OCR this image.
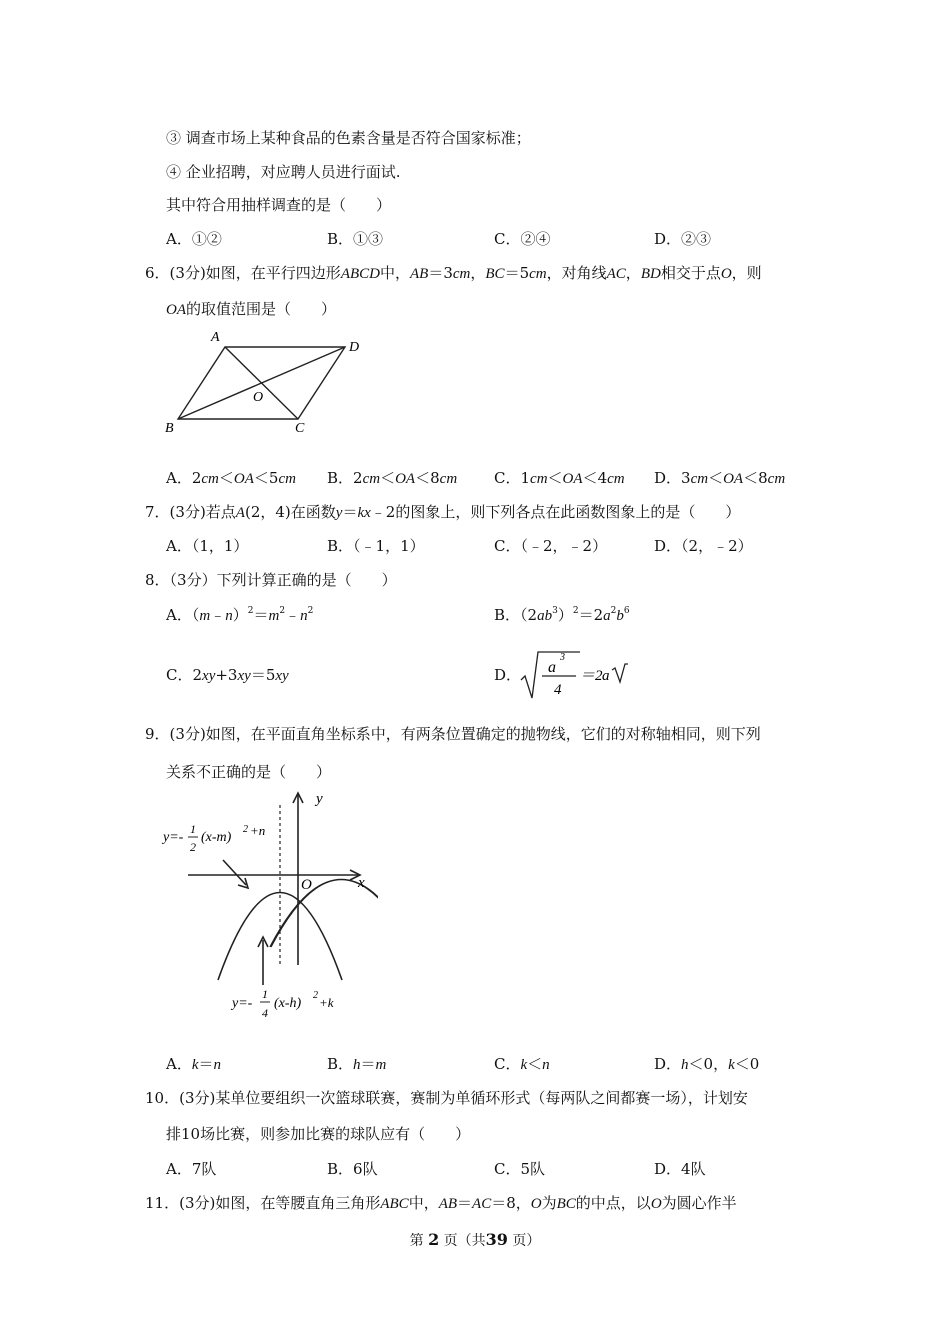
③ 调查市场上某种食品的色素含量是否符合国家标准；
④ 企业招聘，对应聘人员进行面试.
其中符合用抽样调查的是（　　）
A．①②	B．①③	C．②④	D．②③
6．(3分)如图，在平行四边形ABCD中，AB＝3cm，BC＝5cm，对角线AC，BD相交于点O，则
OA的取值范围是（　　）
A
D
B	C
O
A．2cm＜OA＜5cm B．2cm＜OA＜8cm C．1cm＜OA＜4cm D．3cm＜OA＜8cm
7．(3分)若点A(2，4)在函数y＝kx﹣2的图象上，则下列各点在此函数图象上的是（　　）
A．（1，1）	B．（﹣1，1）	C．（﹣2，﹣2）	D．（2，﹣2）
8．（3分）下列计算正确的是（　　）
A．$(m﹣n)^2=m^2﹣n^2$	B．$(2ab^3)^2=2a^2b^6$
C．2xy+3xy＝5xy	D． a
3
4
＝2 a
9．(3分)如图，在平面直角坐标系中，有两条位置确定的抛物线，它们的对称轴相同，则下列
关系不正确的是（　　）
y
x
O
y=-
1
2
(x-m)
2 +n
y=-
1
4
(x-h)
2 +k
A．k＝n	B．h＝m	C．k＜n	D．h＜0，k＜0
10．(3分)某单位要组织一次篮球联赛，赛制为单循环形式（每两队之间都赛一场），计划安
排10场比赛，则参加比赛的球队应有（　　）
A．7队	B．6队	C．5队	D．4队
11．(3分)如图，在等腰直角三角形ABC中，AB＝AC＝8，O为BC的中点，以O为圆心作半
第 2 页（共39 页）
